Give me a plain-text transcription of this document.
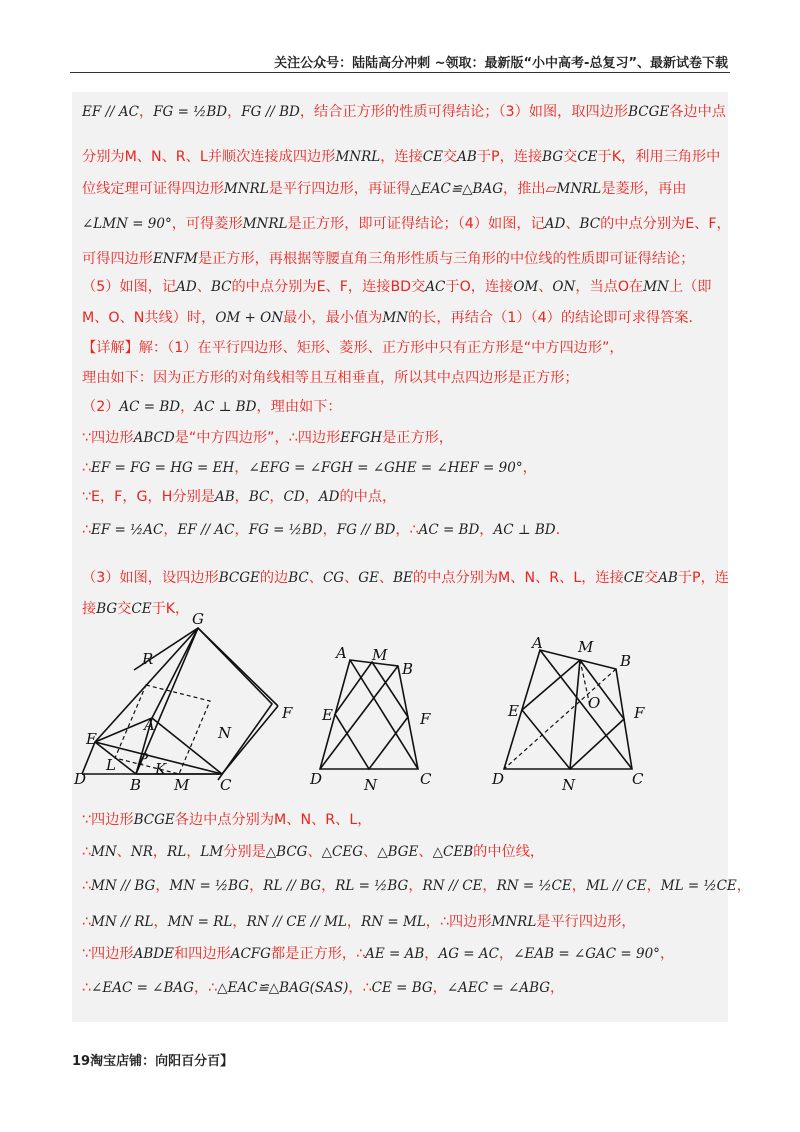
关注公众号：陆陆高分冲刺 ~领取：最新版“小中高考-总复习”、最新试卷下载
EF // AC，FG = ½BD，FG // BD，结合正方形的性质可得结论；（3）如图，取四边形BCGE各边中点
分别为M、N、R、L并顺次连接成四边形MNRL，连接CE交AB于P，连接BG交CE于K，利用三角形中
位线定理可证得四边形MNRL是平行四边形，再证得△EAC≌△BAG，推出▱MNRL是菱形，再由
∠LMN = 90°，可得菱形MNRL是正方形，即可证得结论；（4）如图，记AD、BC的中点分别为E、F，
可得四边形ENFM是正方形，再根据等腰直角三角形性质与三角形的中位线的性质即可证得结论；
（5）如图，记AD、BC的中点分别为E、F，连接BD交AC于O，连接OM、ON，当点O在MN上（即
M、O、N共线）时，OM + ON最小，最小值为MN的长，再结合（1）（4）的结论即可求得答案.
【详解】解：（1）在平行四边形、矩形、菱形、正方形中只有正方形是“中方四边形”，
理由如下：因为正方形的对角线相等且互相垂直，所以其中点四边形是正方形；
（2）AC = BD，AC ⊥ BD，理由如下：
∵四边形ABCD是“中方四边形”，∴四边形EFGH是正方形，
∴EF = FG = HG = EH，∠EFG = ∠FGH = ∠GHE = ∠HEF = 90°，
∵E，F，G，H分别是AB，BC，CD，AD的中点，
∴EF = ½AC，EF // AC，FG = ½BD，FG // BD，∴AC = BD，AC ⊥ BD.
（3）如图，设四边形BCGE的边BC、CG、GE、BE的中点分别为M、N、R、L，连接CE交AB于P，连
接BG交CE于K，
∵四边形BCGE各边中点分别为M、N、R、L，
∴MN、NR，RL，LM分别是△BCG、△CEG、△BGE、△CEB的中位线，
∴MN // BG，MN = ½BG，RL // BG，RL = ½BG，RN // CE，RN = ½CE，ML // CE，ML = ½CE，
∴MN // RL，MN = RL，RN // CE // ML，RN = ML，∴四边形MNRL是平行四边形，
∵四边形ABDE和四边形ACFG都是正方形，∴AE = AB，AG = AC，∠EAB = ∠GAC = 90°，
∴∠EAC = ∠BAG，∴△EAC≌△BAG(SAS)，∴CE = BG，∠AEC = ∠ABG，
G
R
F
E
A	N
L P
K
D	B M C
A M
B
E	F
D	N	C
A M
B
O
E	F
D	N	C
19淘宝店铺：向阳百分百】
